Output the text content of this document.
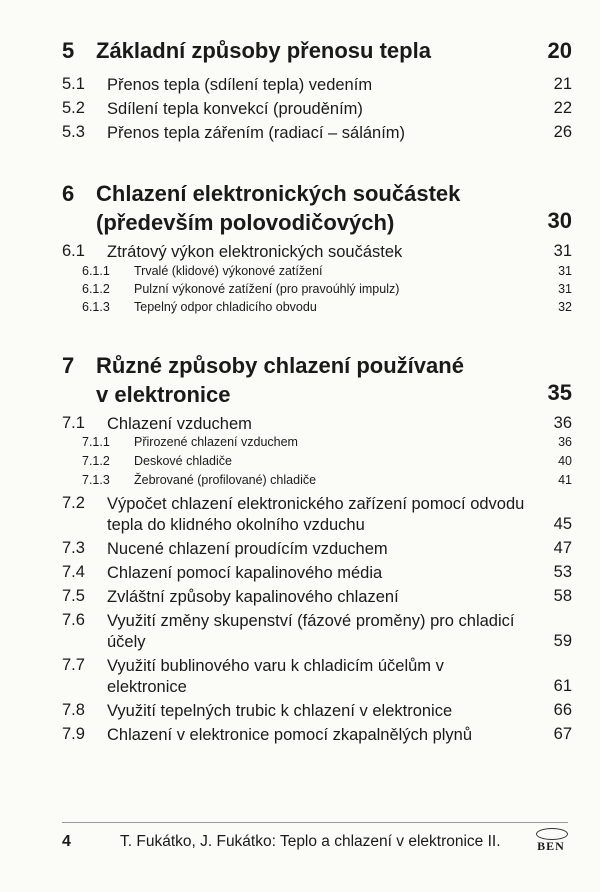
5 Základní způsoby přenosu tepla	20
5.1 Přenos tepla (sdílení tepla) vedením	21
5.2 Sdílení tepla konvekcí (prouděním)	22
5.3 Přenos tepla zářením (radiací – sáláním)	26
6 Chlazení elektronických součástek (především polovodičových)	30
6.1 Ztrátový výkon elektronických součástek	31
6.1.1 Trvalé (klidové) výkonové zatížení	31
6.1.2 Pulzní výkonové zatížení (pro pravoúhlý impulz)	31
6.1.3 Tepelný odpor chladicího obvodu	32
7 Různé způsoby chlazení používané v elektronice	35
7.1 Chlazení vzduchem	36
7.1.1 Přirozené chlazení vzduchem	36
7.1.2 Deskové chladiče	40
7.1.3 Žebrované (profilované) chladiče	41
7.2 Výpočet chlazení elektronického zařízení pomocí odvodu tepla do klidného okolního vzduchu	45
7.3 Nucené chlazení proudícím vzduchem	47
7.4 Chlazení pomocí kapalinového média	53
7.5 Zvláštní způsoby kapalinového chlazení	58
7.6 Využití změny skupenství (fázové proměny) pro chladicí účely	59
7.7 Využití bublinového varu k chladicím účelům v elektronice	61
7.8 Využití tepelných trubic k chlazení v elektronice	66
7.9 Chlazení v elektronice pomocí zkapalnělých plynů	67
4	T. Fukátko, J. Fukátko: Teplo a chlazení v elektronice II.	BEN
